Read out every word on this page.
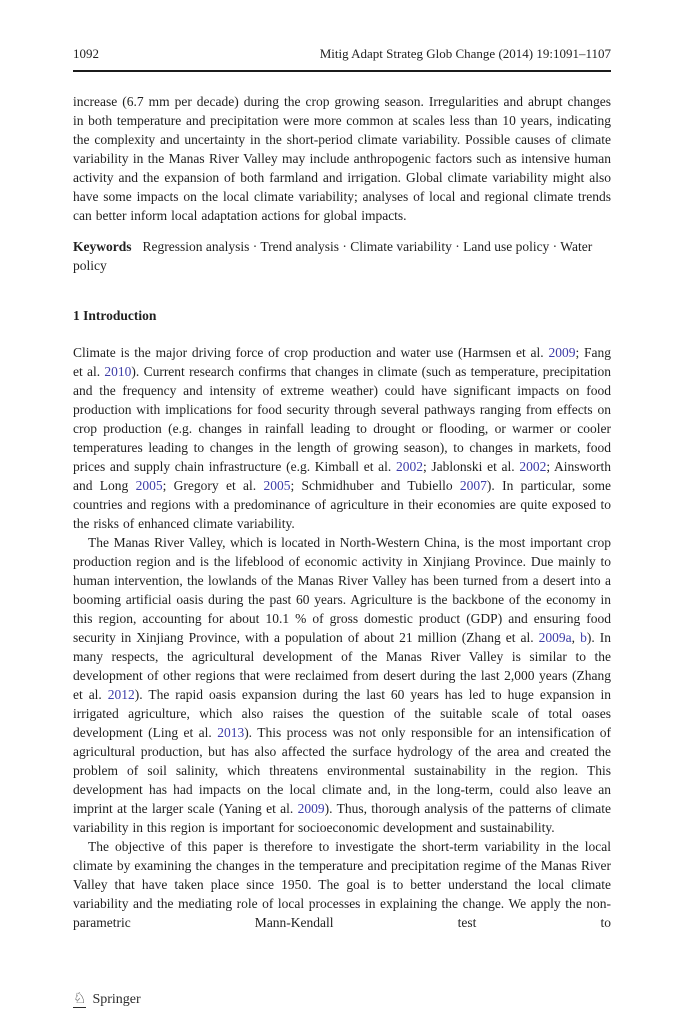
1092	Mitig Adapt Strateg Glob Change (2014) 19:1091–1107

increase (6.7 mm per decade) during the crop growing season. Irregularities and abrupt changes in both temperature and precipitation were more common at scales less than 10 years, indicating the complexity and uncertainty in the short-period climate variability. Possible causes of climate variability in the Manas River Valley may include anthropogenic factors such as intensive human activity and the expansion of both farmland and irrigation. Global climate variability might also have some impacts on the local climate variability; analyses of local and regional climate trends can better inform local adaptation actions for global impacts.

Keywords Regression analysis · Trend analysis · Climate variability · Land use policy · Water policy

1 Introduction

Climate is the major driving force of crop production and water use (Harmsen et al. 2009; Fang et al. 2010). Current research confirms that changes in climate (such as temperature, precipitation and the frequency and intensity of extreme weather) could have significant impacts on food production with implications for food security through several pathways ranging from effects on crop production (e.g. changes in rainfall leading to drought or flooding, or warmer or cooler temperatures leading to changes in the length of growing season), to changes in markets, food prices and supply chain infrastructure (e.g. Kimball et al. 2002; Jablonski et al. 2002; Ainsworth and Long 2005; Gregory et al. 2005; Schmidhuber and Tubiello 2007). In particular, some countries and regions with a predominance of agriculture in their economies are quite exposed to the risks of enhanced climate variability.

The Manas River Valley, which is located in North-Western China, is the most important crop production region and is the lifeblood of economic activity in Xinjiang Province. Due mainly to human intervention, the lowlands of the Manas River Valley has been turned from a desert into a booming artificial oasis during the past 60 years. Agriculture is the backbone of the economy in this region, accounting for about 10.1 % of gross domestic product (GDP) and ensuring food security in Xinjiang Province, with a population of about 21 million (Zhang et al. 2009a, b). In many respects, the agricultural development of the Manas River Valley is similar to the development of other regions that were reclaimed from desert during the last 2,000 years (Zhang et al. 2012). The rapid oasis expansion during the last 60 years has led to huge expansion in irrigated agriculture, which also raises the question of the suitable scale of total oases development (Ling et al. 2013). This process was not only responsible for an intensification of agricultural production, but has also affected the surface hydrology of the area and created the problem of soil salinity, which threatens environmental sustainability in the region. This development has had impacts on the local climate and, in the long-term, could also leave an imprint at the larger scale (Yaning et al. 2009). Thus, thorough analysis of the patterns of climate variability in this region is important for socioeconomic development and sustainability.

The objective of this paper is therefore to investigate the short-term variability in the local climate by examining the changes in the temperature and precipitation regime of the Manas River Valley that have taken place since 1950. The goal is to better understand the local climate variability and the mediating role of local processes in explaining the change. We apply the non-parametric Mann-Kendall test to

♘ Springer
